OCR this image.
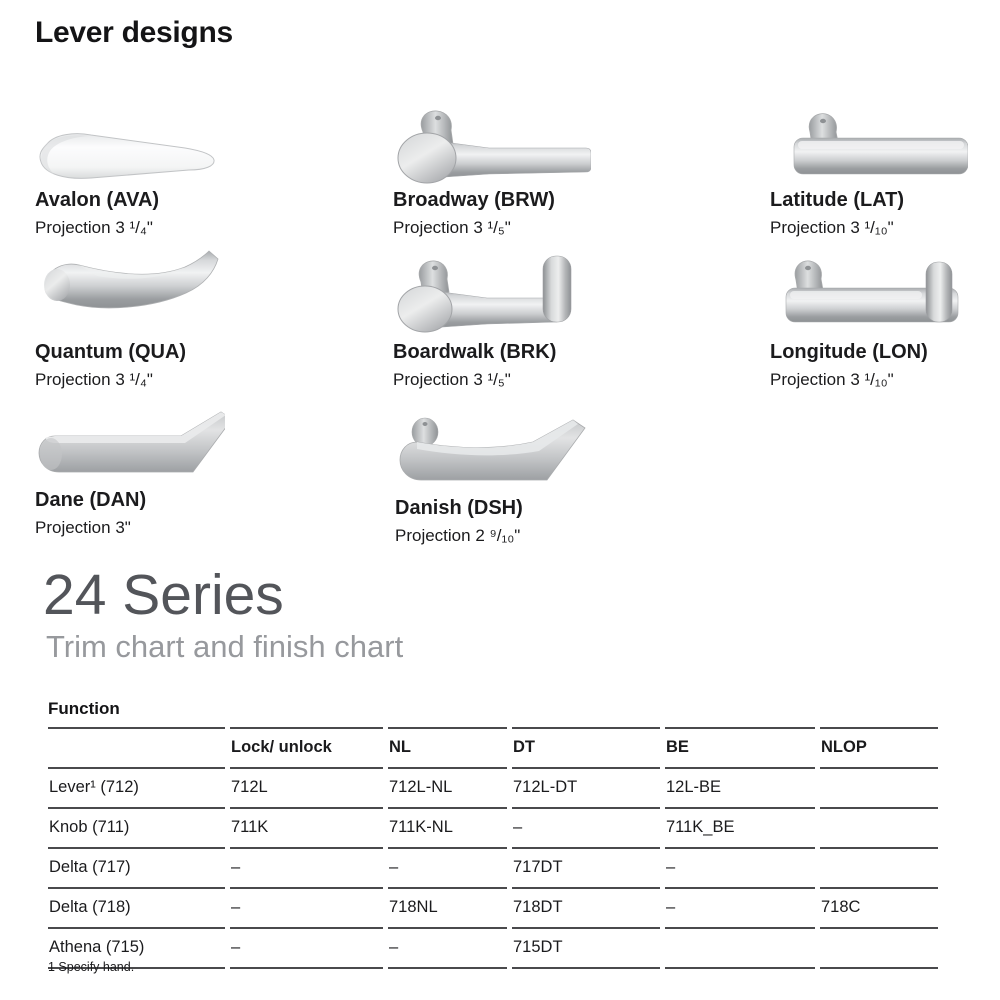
Lever designs
Avalon (AVA)

Projection 3 ¹/₄"

Broadway (BRW)

Projection 3 ¹/₅"

Latitude (LAT)

Projection 3 ¹/₁₀"

Quantum (QUA)

Projection 3 ¹/₄"

Boardwalk (BRK)

Projection 3 ¹/₅"

Longitude (LON)

Projection 3 ¹/₁₀"

Dane (DAN)

Projection 3"

Danish (DSH)

Projection 2 ⁹/₁₀"

24 Series
Trim chart and finish chart
Function
	Lock/ unlock	NL	DT	BE	NLOP
Lever¹ (712)	712L	712L-NL	712L-DT	12L-BE	
Knob (711)	711K	711K-NL	–	711K_BE	
Delta (717)	–	–	717DT	–	
Delta (718)	–	718NL	718DT	–	718C
Athena (715)	–	–	715DT		
1 Specify hand.
